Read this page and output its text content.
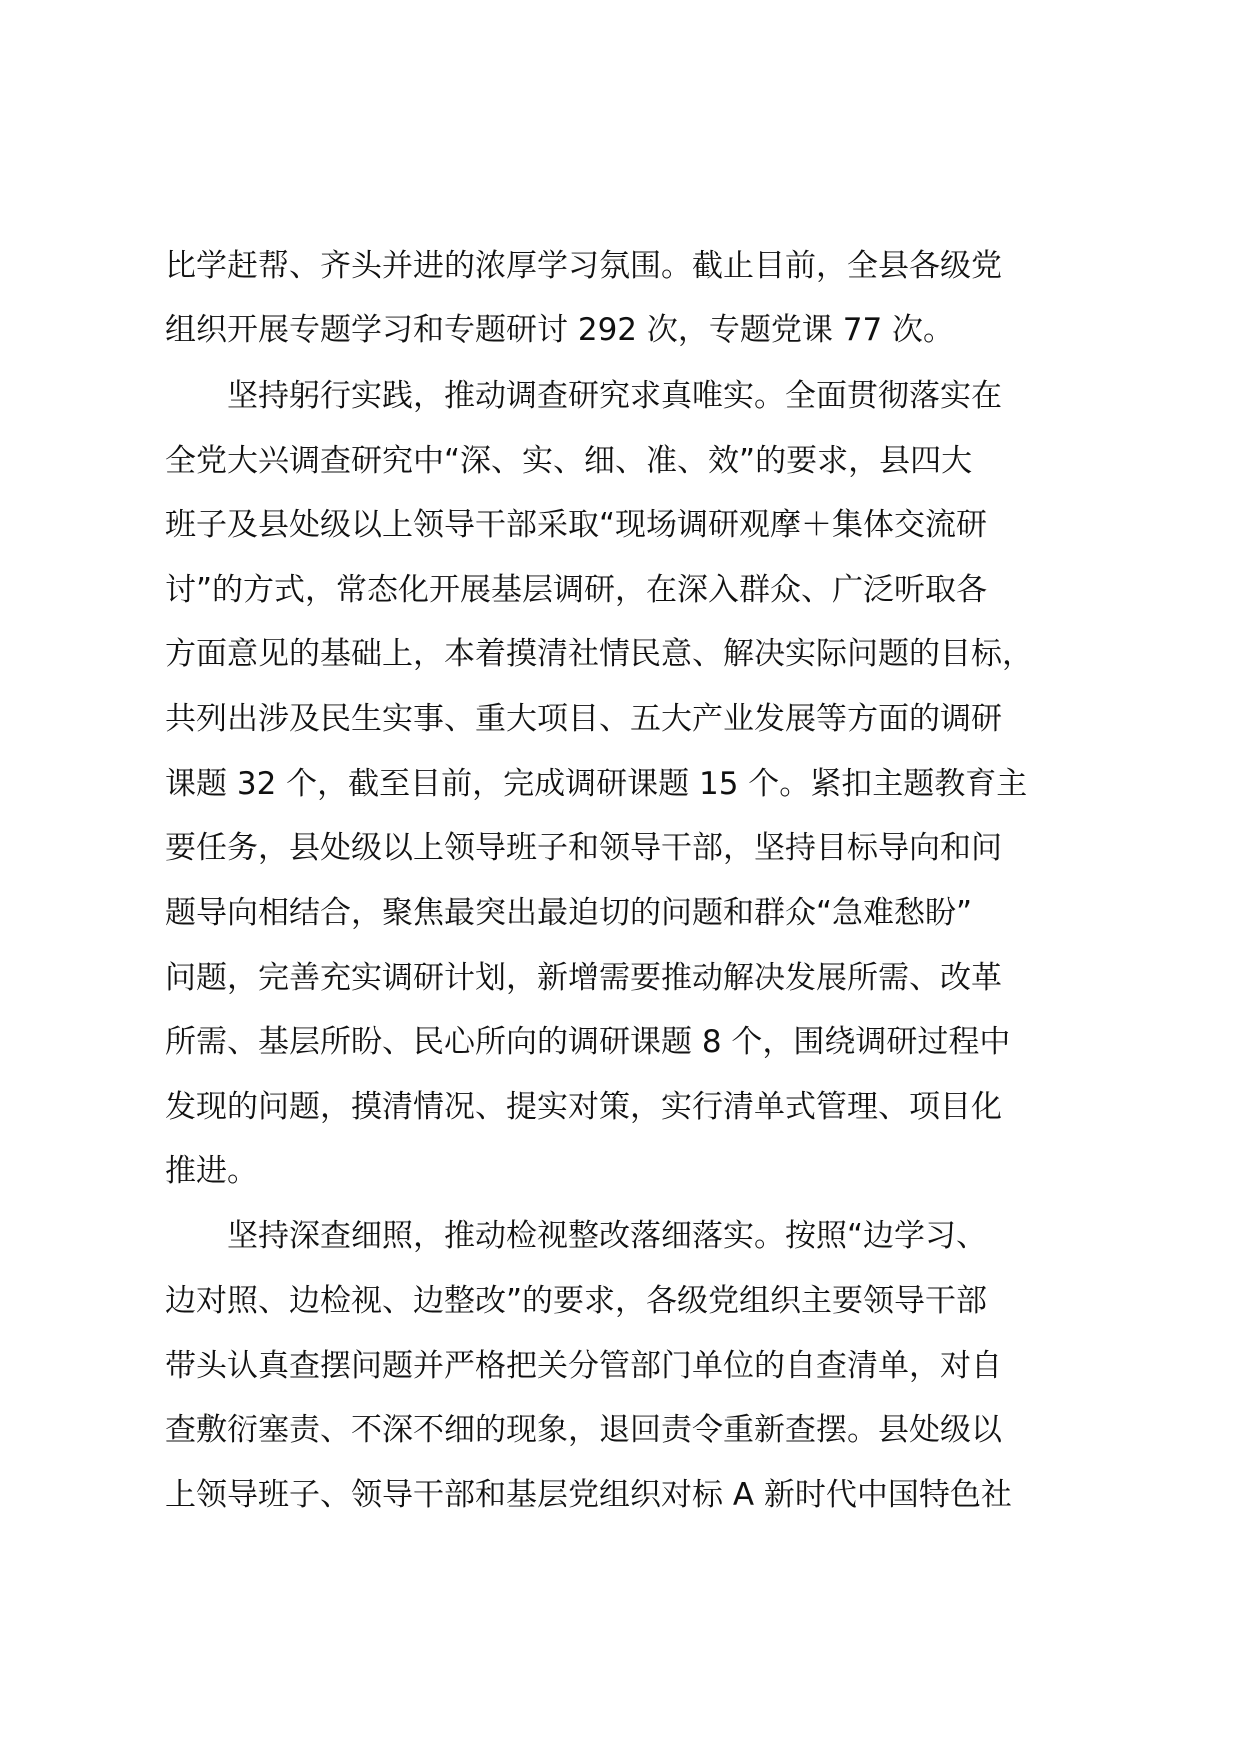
比学赶帮、齐头并进的浓厚学习氛围。截止目前，全县各级党
组织开展专题学习和专题研讨 292 次，专题党课 77 次。
　　坚持躬行实践，推动调查研究求真唯实。全面贯彻落实在
全党大兴调查研究中“深、实、细、准、效”的要求，县四大
班子及县处级以上领导干部采取“现场调研观摩＋集体交流研
讨”的方式，常态化开展基层调研，在深入群众、广泛听取各
方面意见的基础上，本着摸清社情民意、解决实际问题的目标，
共列出涉及民生实事、重大项目、五大产业发展等方面的调研
课题 32 个，截至目前，完成调研课题 15 个。紧扣主题教育主
要任务，县处级以上领导班子和领导干部，坚持目标导向和问
题导向相结合，聚焦最突出最迫切的问题和群众“急难愁盼”
问题，完善充实调研计划，新增需要推动解决发展所需、改革
所需、基层所盼、民心所向的调研课题 8 个，围绕调研过程中
发现的问题，摸清情况、提实对策，实行清单式管理、项目化
推进。
　　坚持深查细照，推动检视整改落细落实。按照“边学习、
边对照、边检视、边整改”的要求，各级党组织主要领导干部
带头认真查摆问题并严格把关分管部门单位的自查清单，对自
查敷衍塞责、不深不细的现象，退回责令重新查摆。县处级以
上领导班子、领导干部和基层党组织对标 A 新时代中国特色社
